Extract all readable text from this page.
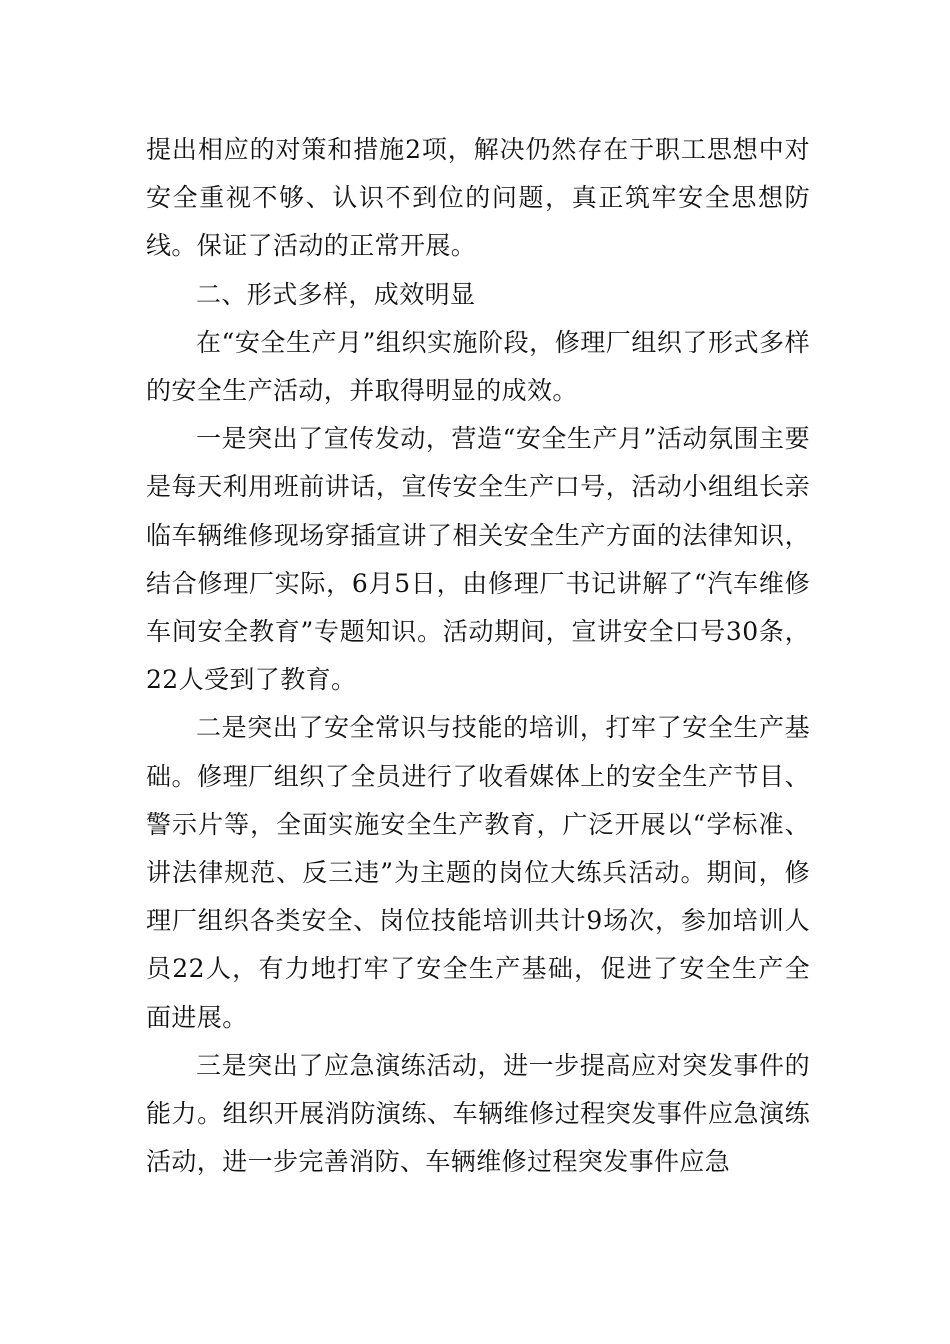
提出相应的对策和措施2项，解决仍然存在于职工思想中对安全重视不够、认识不到位的问题，真正筑牢安全思想防线。保证了活动的正常开展。

二、形式多样，成效明显

在“安全生产月”组织实施阶段，修理厂组织了形式多样的安全生产活动，并取得明显的成效。

一是突出了宣传发动，营造“安全生产月”活动氛围主要是每天利用班前讲话，宣传安全生产口号，活动小组组长亲临车辆维修现场穿插宣讲了相关安全生产方面的法律知识，结合修理厂实际，6月5日，由修理厂书记讲解了“汽车维修车间安全教育”专题知识。活动期间，宣讲安全口号30条，22人受到了教育。

二是突出了安全常识与技能的培训，打牢了安全生产基础。修理厂组织了全员进行了收看媒体上的安全生产节目、警示片等，全面实施安全生产教育，广泛开展以“学标准、讲法律规范、反三违”为主题的岗位大练兵活动。期间，修理厂组织各类安全、岗位技能培训共计9场次，参加培训人员22人，有力地打牢了安全生产基础，促进了安全生产全面进展。

三是突出了应急演练活动，进一步提高应对突发事件的能力。组织开展消防演练、车辆维修过程突发事件应急演练活动，进一步完善消防、车辆维修过程突发事件应急
